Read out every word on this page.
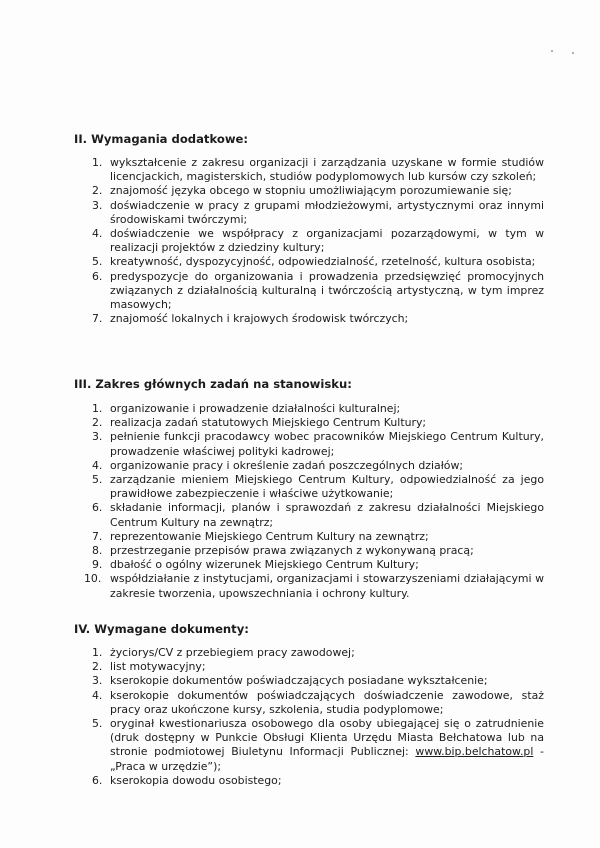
II. Wymagania dodatkowe:

1. wykształcenie z zakresu organizacji i zarządzania uzyskane w formie studiów licencjackich, magisterskich, studiów podyplomowych lub kursów czy szkoleń;
2. znajomość języka obcego w stopniu umożliwiającym porozumiewanie się;
3. doświadczenie w pracy z grupami młodzieżowymi, artystycznymi oraz innymi środowiskami twórczymi;
4. doświadczenie we współpracy z organizacjami pozarządowymi, w tym w realizacji projektów z dziedziny kultury;
5. kreatywność, dyspozycyjność, odpowiedzialność, rzetelność, kultura osobista;
6. predyspozycje do organizowania i prowadzenia przedsięwzięć promocyjnych związanych z działalnością kulturalną i twórczością artystyczną, w tym imprez masowych;
7. znajomość lokalnych i krajowych środowisk twórczych;

III. Zakres głównych zadań na stanowisku:

1. organizowanie i prowadzenie działalności kulturalnej;
2. realizacja zadań statutowych Miejskiego Centrum Kultury;
3. pełnienie funkcji pracodawcy wobec pracowników Miejskiego Centrum Kultury, prowadzenie właściwej polityki kadrowej;
4. organizowanie pracy i określenie zadań poszczególnych działów;
5. zarządzanie mieniem Miejskiego Centrum Kultury, odpowiedzialność za jego prawidłowe zabezpieczenie i właściwe użytkowanie;
6. składanie informacji, planów i sprawozdań z zakresu działalności Miejskiego Centrum Kultury na zewnątrz;
7. reprezentowanie Miejskiego Centrum Kultury na zewnątrz;
8. przestrzeganie przepisów prawa związanych z wykonywaną pracą;
9. dbałość o ogólny wizerunek Miejskiego Centrum Kultury;
10. współdziałanie z instytucjami, organizacjami i stowarzyszeniami działającymi w zakresie tworzenia, upowszechniania i ochrony kultury.

IV. Wymagane dokumenty:

1. życiorys/CV z przebiegiem pracy zawodowej;
2. list motywacyjny;
3. kserokopie dokumentów poświadczających posiadane wykształcenie;
4. kserokopie dokumentów poświadczających doświadczenie zawodowe, staż pracy oraz ukończone kursy, szkolenia, studia podyplomowe;
5. oryginał kwestionariusza osobowego dla osoby ubiegającej się o zatrudnienie (druk dostępny w Punkcie Obsługi Klienta Urzędu Miasta Bełchatowa lub na stronie podmiotowej Biuletynu Informacji Publicznej: www.bip.belchatow.pl - „Praca w urzędzie”);
6. kserokopia dowodu osobistego;
